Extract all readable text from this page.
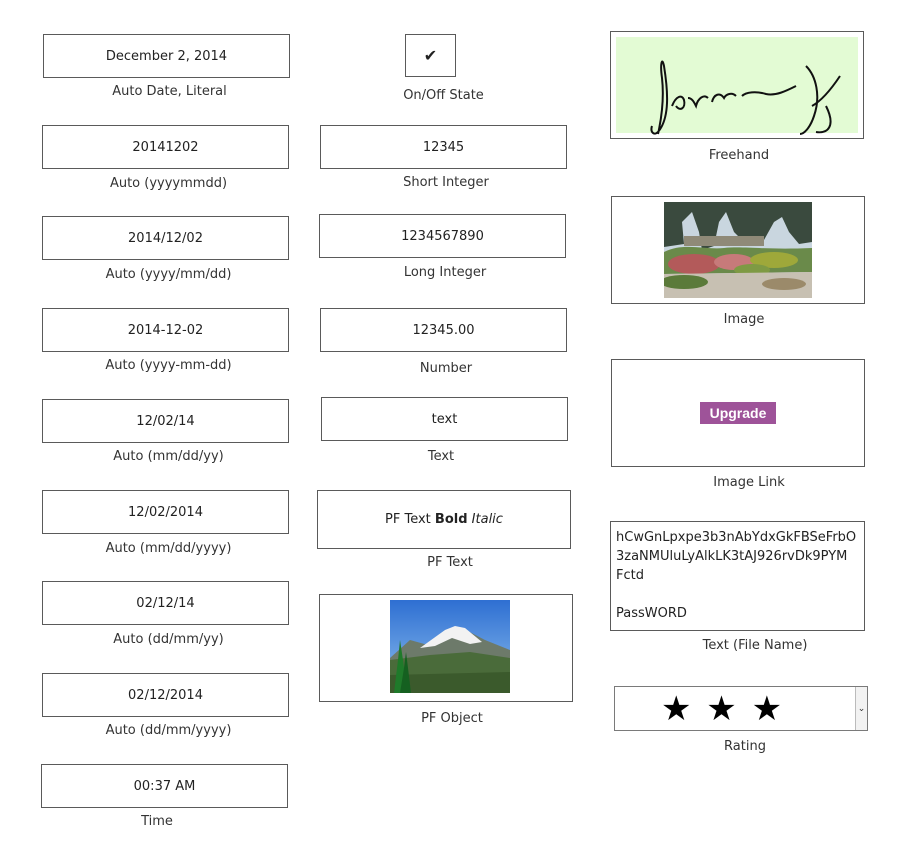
December 2, 2014
Auto Date, Literal
20141202
Auto (yyyymmdd)
2014/12/02
Auto (yyyy/mm/dd)
2014-12-02
Auto (yyyy-mm-dd)
12/02/14
Auto (mm/dd/yy)
12/02/2014
Auto (mm/dd/yyyy)
02/12/14
Auto (dd/mm/yy)
02/12/2014
Auto (dd/mm/yyyy)
00:37 AM
Time
✔
On/Off State
12345
Short Integer
1234567890
Long Integer
12345.00
Number
text
Text
PF Text
Bold
Italic
PF Text
PF Object
Freehand
Image
Upgrade
Image Link
hCwGnLpxpe3b3nAbYdxGkFBSeFrbO
3zaNMUluLyAlkLK3tAJ926rvDk9PYM
Fctd
PassWORD
Text (File Name)
★ ★ ★	⌄
Rating
